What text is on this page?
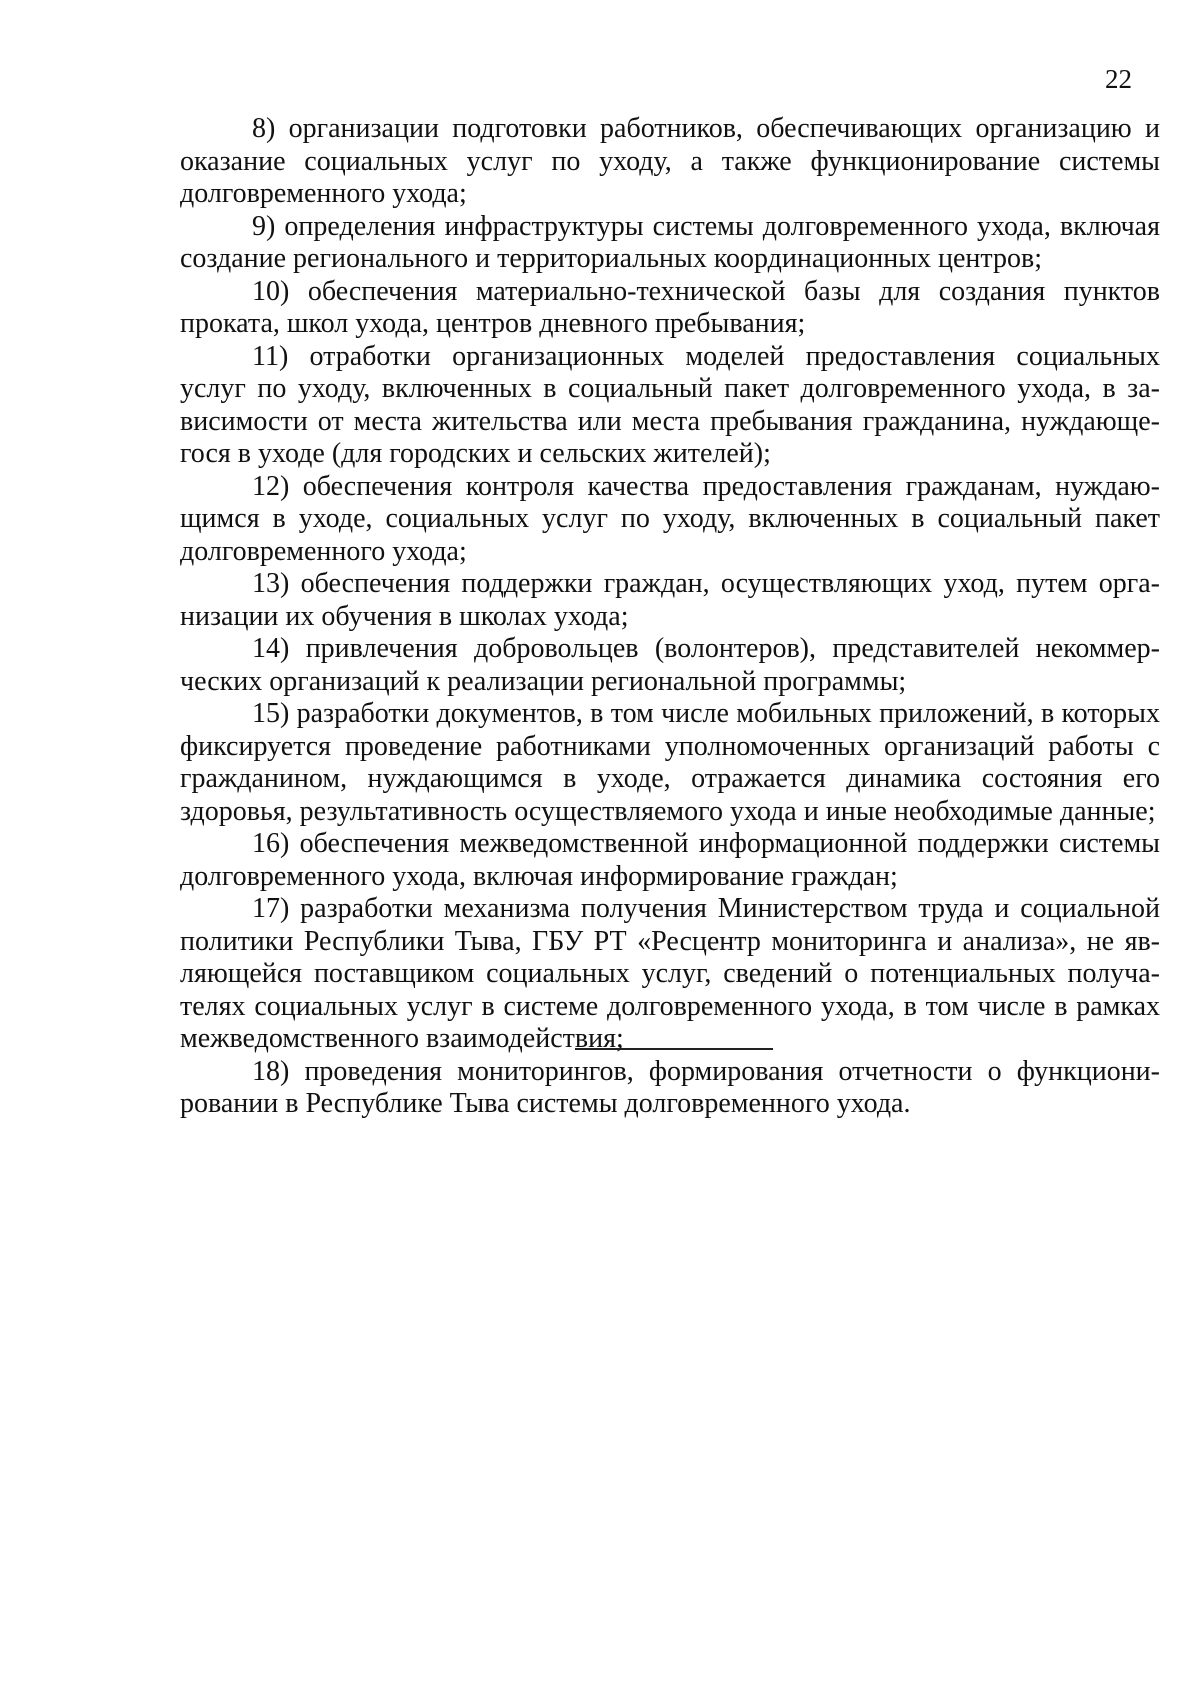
22

8) организации подготовки работников, обеспечивающих организацию и оказание социальных услуг по уходу, а также функционирование системы долговременного ухода;

9) определения инфраструктуры системы долговременного ухода, включая создание регионального и территориальных координационных центров;

10) обеспечения материально-технической базы для создания пунктов проката, школ ухода, центров дневного пребывания;

11) отработки организационных моделей предоставления социальных услуг по уходу, включенных в социальный пакет долговременного ухода, в зависимости от места жительства или места пребывания гражданина, нуждающегося в уходе (для городских и сельских жителей);

12) обеспечения контроля качества предоставления гражданам, нуждающимся в уходе, социальных услуг по уходу, включенных в социальный пакет долговременного ухода;

13) обеспечения поддержки граждан, осуществляющих уход, путем организации их обучения в школах ухода;

14) привлечения добровольцев (волонтеров), представителей некоммерческих организаций к реализации региональной программы;

15) разработки документов, в том числе мобильных приложений, в которых фиксируется проведение работниками уполномоченных организаций работы с гражданином, нуждающимся в уходе, отражается динамика состояния его здоровья, результативность осуществляемого ухода и иные необходимые данные;

16) обеспечения межведомственной информационной поддержки системы долговременного ухода, включая информирование граждан;

17) разработки механизма получения Министерством труда и социальной политики Республики Тыва, ГБУ РТ «Ресцентр мониторинга и анализа», не являющейся поставщиком социальных услуг, сведений о потенциальных получателях социальных услуг в системе долговременного ухода, в том числе в рамках межведомственного взаимодействия;

18) проведения мониторингов, формирования отчетности о функционировании в Республике Тыва системы долговременного ухода.
